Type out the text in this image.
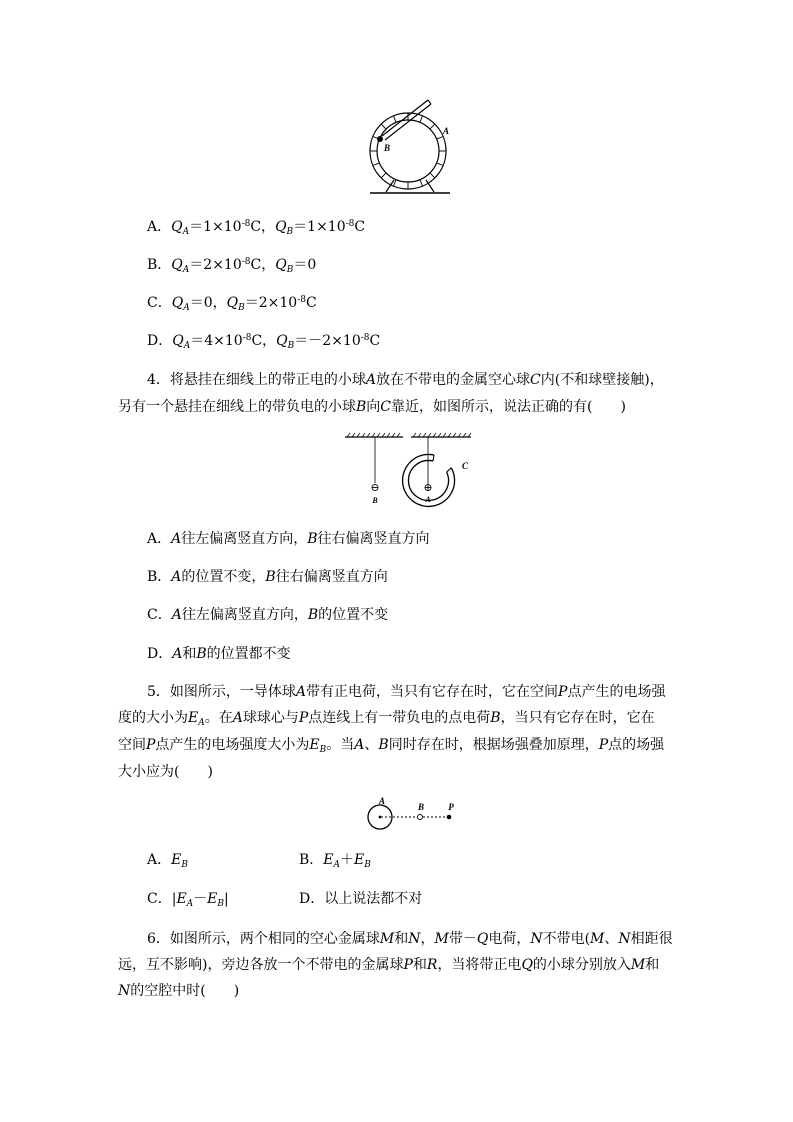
A
B
A．$Q_A=1\times 10^{-8}C$，$Q_B=1\times 10^{-8}C$
B．$Q_A=2\times 10^{-8}C$，$Q_B=0$
C．$Q_A=0$，$Q_B=2\times 10^{-8}C$
D．$Q_A=4\times 10^{-8}C$，$Q_B=-2\times 10^{-8}C$
4．将悬挂在细线上的带正电的小球A放在不带电的金属空心球C内(不和球壁接触)，
另有一个悬挂在细线上的带负电的小球B向C靠近，如图所示，说法正确的有(　　)
⊖
B
⊕
A
C
A．A往左偏离竖直方向，B往右偏离竖直方向
B．A的位置不变，B往右偏离竖直方向
C．A往左偏离竖直方向，B的位置不变
D．A和B的位置都不变
5．如图所示，一导体球A带有正电荷，当只有它存在时，它在空间P点产生的电场强
度的大小为$E_A$。在A球球心与P点连线上有一带负电的点电荷B，当只有它存在时，它在
空间P点产生的电场强度大小为$E_B$。当A、B同时存在时，根据场强叠加原理，P点的场强
大小应为(　　)
A
B	P
A．$E_B$	B．$E_A+E_B$
C．$|E_A-E_B|$	D．以上说法都不对
6．如图所示，两个相同的空心金属球M和N，M带－Q电荷，N不带电(M、N相距很
远，互不影响)，旁边各放一个不带电的金属球P和R，当将带正电Q的小球分别放入M和
N的空腔中时(　　)
